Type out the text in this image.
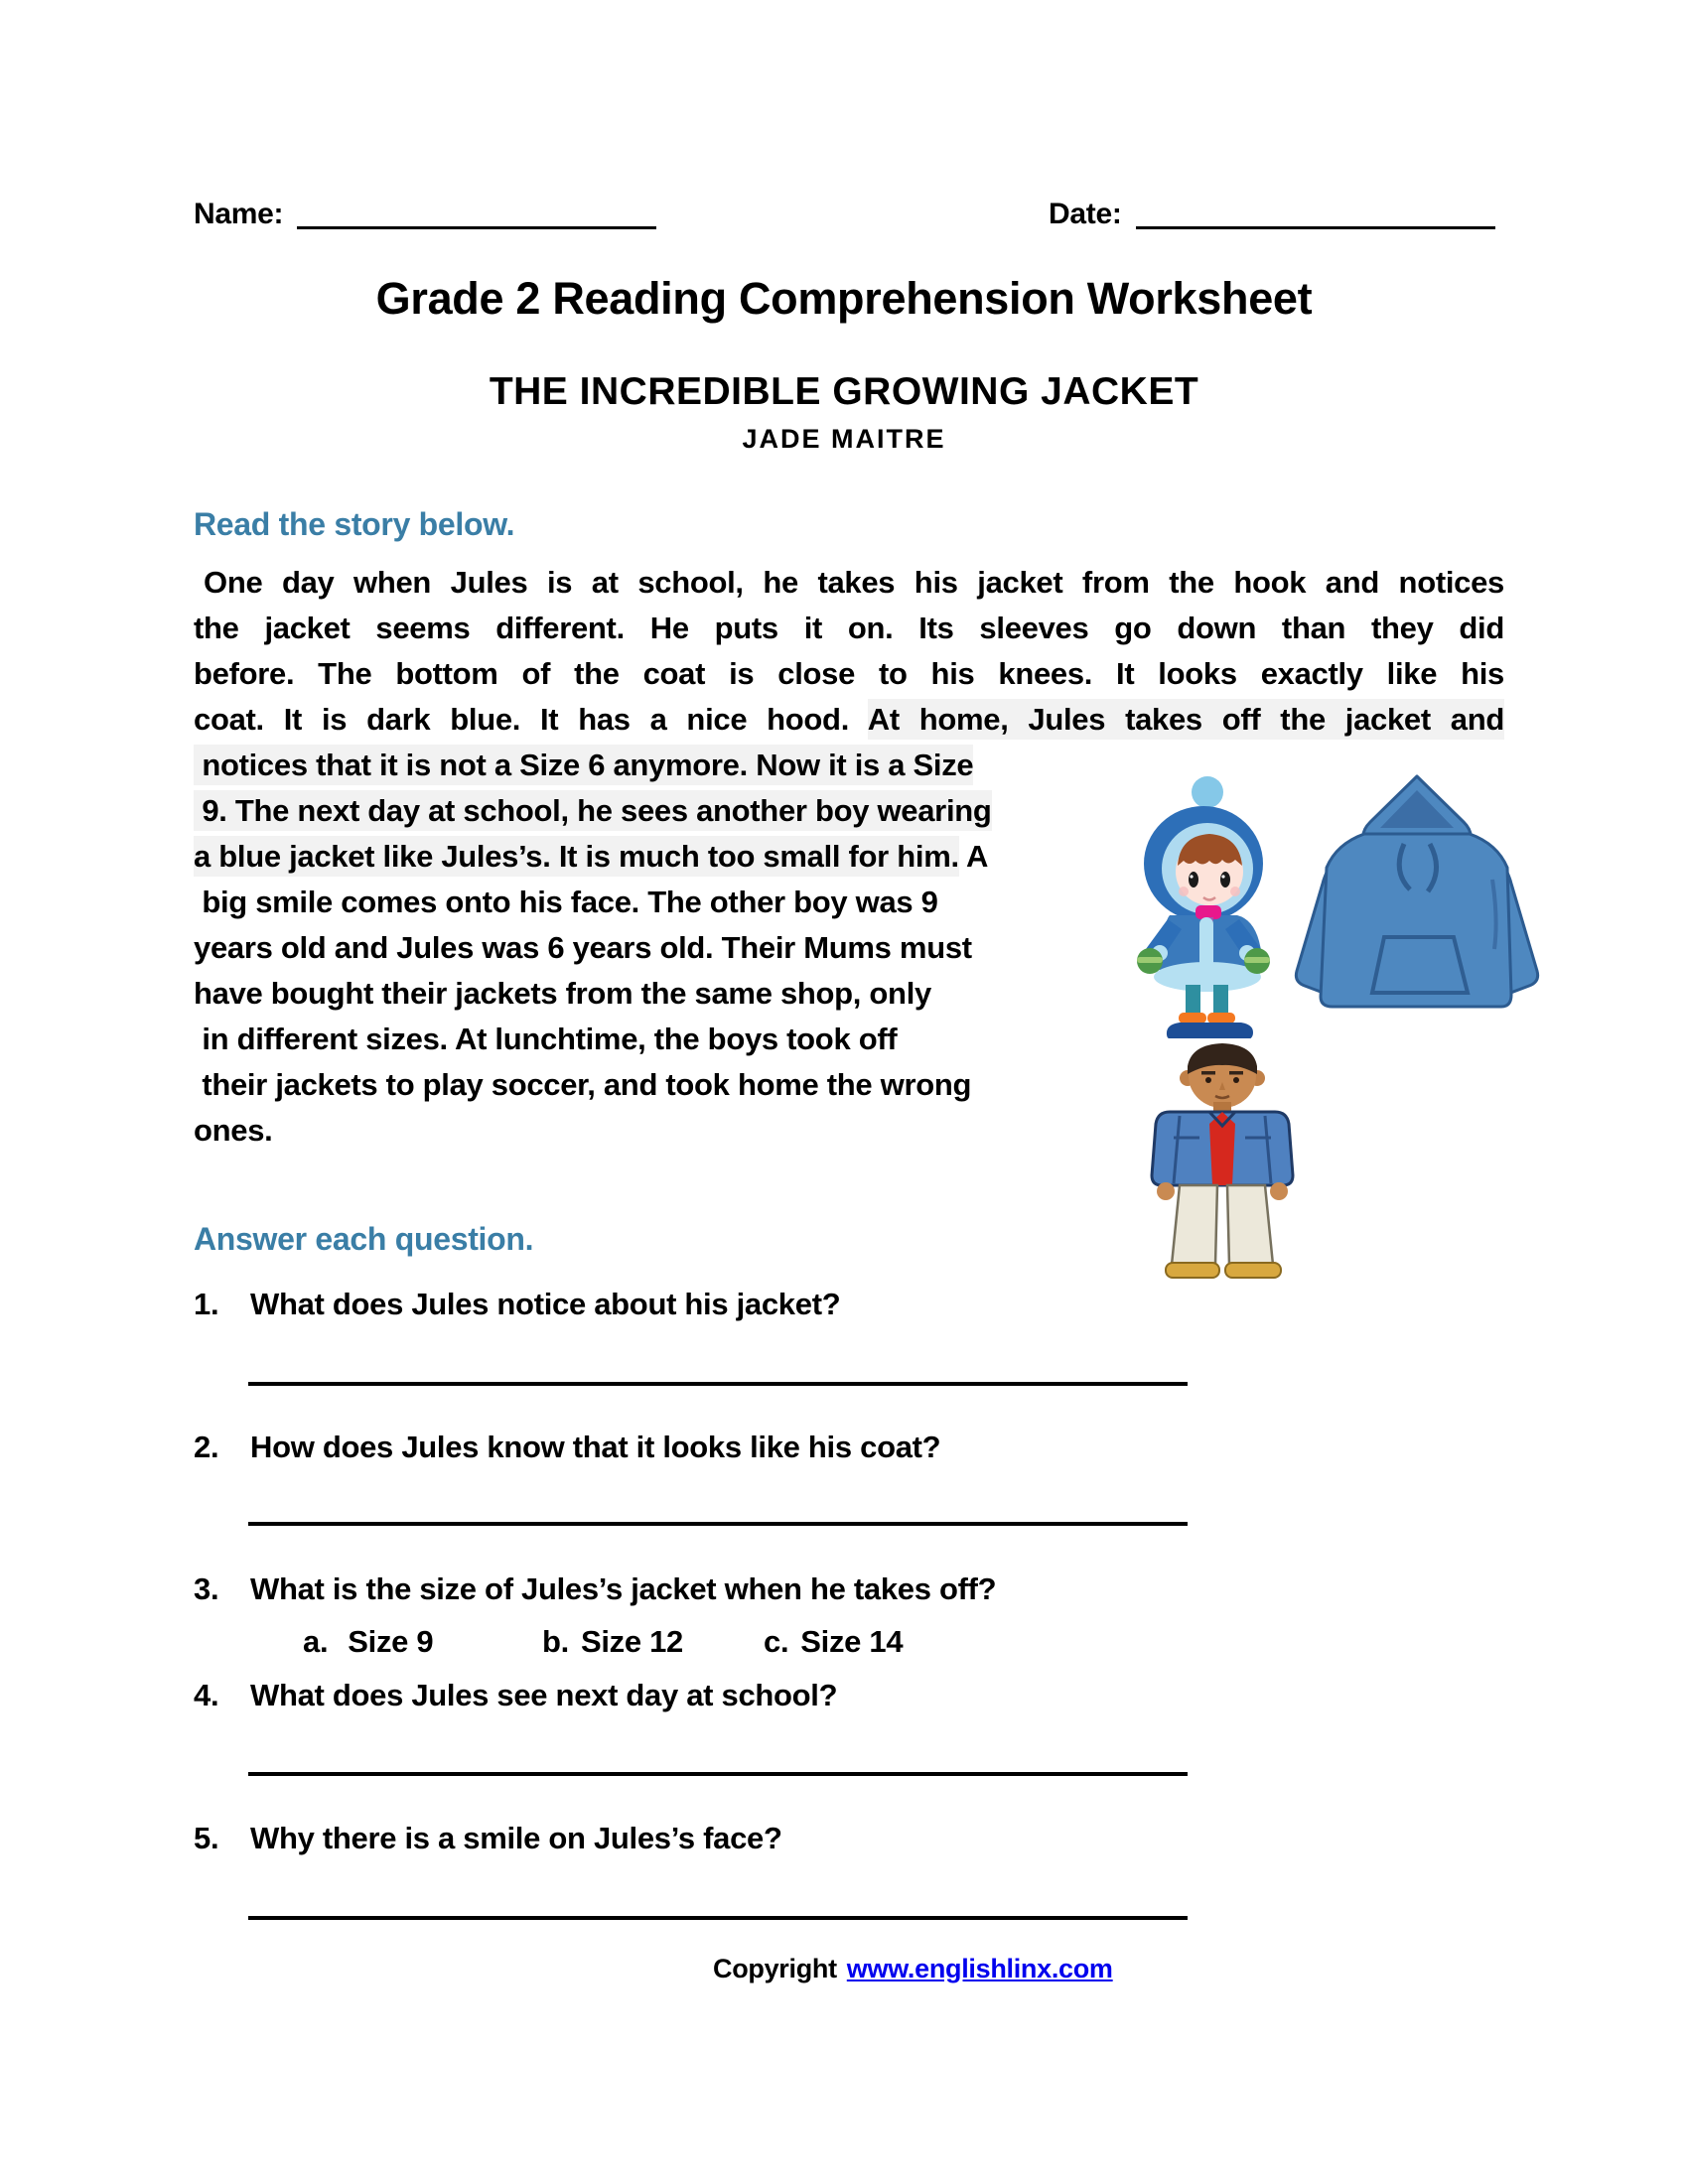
Name:	Date:
Grade 2 Reading Comprehension Worksheet
THE INCREDIBLE GROWING JACKET
JADE MAITRE
Read the story below.
One day when Jules is at school, he takes his jacket from the hook and notices
the jacket seems different. He puts it on. Its sleeves go down than they did
before. The bottom of the coat is close to his knees. It looks exactly like his
coat. It is dark blue. It has a nice hood. At home, Jules takes off the jacket and
notices that it is not a Size 6 anymore. Now it is a Size
9. The next day at school, he sees another boy wearing
a blue jacket like Jules’s. It is much too small for him. A
big smile comes onto his face. The other boy was 9
years old and Jules was 6 years old. Their Mums must
have bought their jackets from the same shop, only
in different sizes. At lunchtime, the boys took off
their jackets to play soccer, and took home the wrong
ones.
Answer each question.
1.	What does Jules notice about his jacket?
2.	How does Jules know that it looks like his coat?
3.	What is the size of Jules’s jacket when he takes off?
a. Size 9	b. Size 12	c. Size 14
4.	What does Jules see next day at school?
5.	Why there is a smile on Jules’s face?
Copyright www.englishlinx.com
